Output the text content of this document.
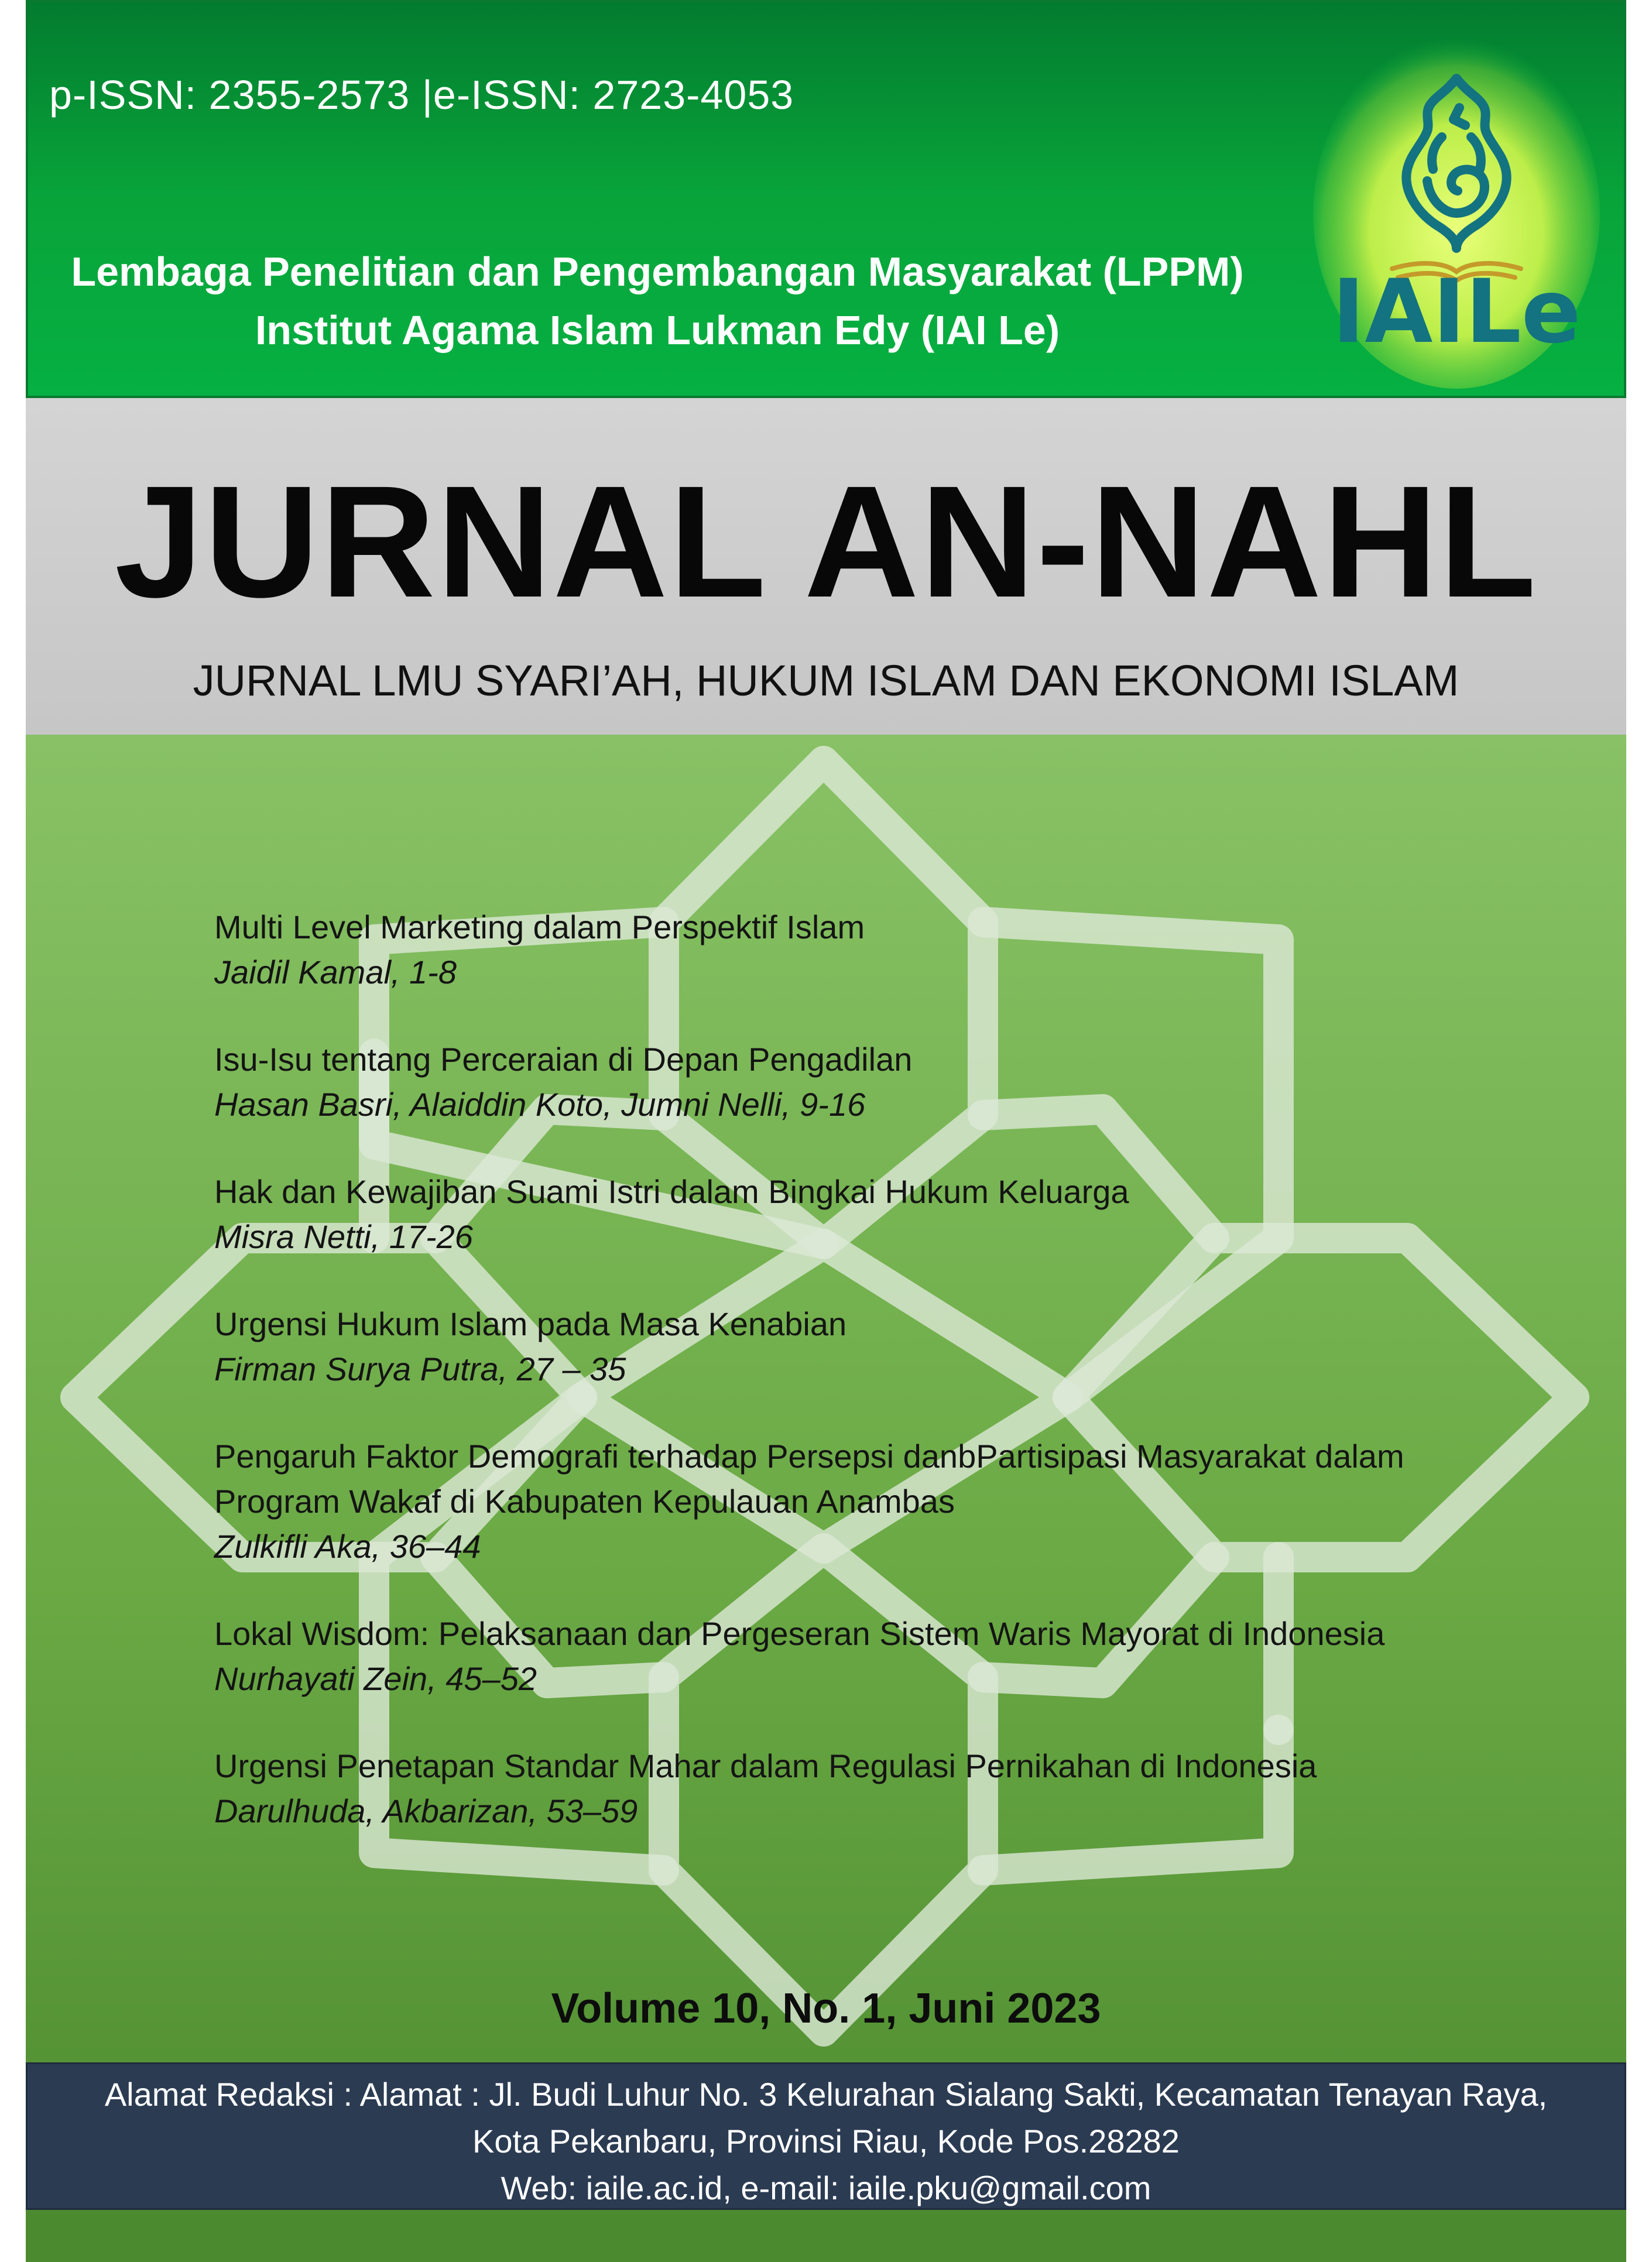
p-ISSN: 2355-2573 |e-ISSN: 2723-4053
Lembaga Penelitian dan Pengembangan Masyarakat (LPPM)
Institut Agama Islam Lukman Edy (IAI Le)	IAILe
JURNAL AN-NAHL
JURNAL LMU SYARI’AH, HUKUM ISLAM DAN EKONOMI ISLAM
Multi Level Marketing dalam Perspektif Islam
Jaidil Kamal, 1-8
Isu-Isu tentang Perceraian di Depan Pengadilan
Hasan Basri, Alaiddin Koto, Jumni Nelli, 9-16
Hak dan Kewajiban Suami Istri dalam Bingkai Hukum Keluarga
Misra Netti, 17-26
Urgensi Hukum Islam pada Masa Kenabian
Firman Surya Putra, 27 – 35
Pengaruh Faktor Demografi terhadap Persepsi danbPartisipasi Masyarakat dalam
Program Wakaf di Kabupaten Kepulauan Anambas
Zulkifli Aka, 36–44
Lokal Wisdom: Pelaksanaan dan Pergeseran Sistem Waris Mayorat di Indonesia
Nurhayati Zein, 45–52
Urgensi Penetapan Standar Mahar dalam Regulasi Pernikahan di Indonesia
Darulhuda, Akbarizan, 53–59
Volume 10, No. 1, Juni 2023
Alamat Redaksi : Alamat : Jl. Budi Luhur No. 3 Kelurahan Sialang Sakti, Kecamatan Tenayan Raya,
Kota Pekanbaru, Provinsi Riau, Kode Pos.28282
Web: iaile.ac.id, e-mail: iaile.pku@gmail.com
